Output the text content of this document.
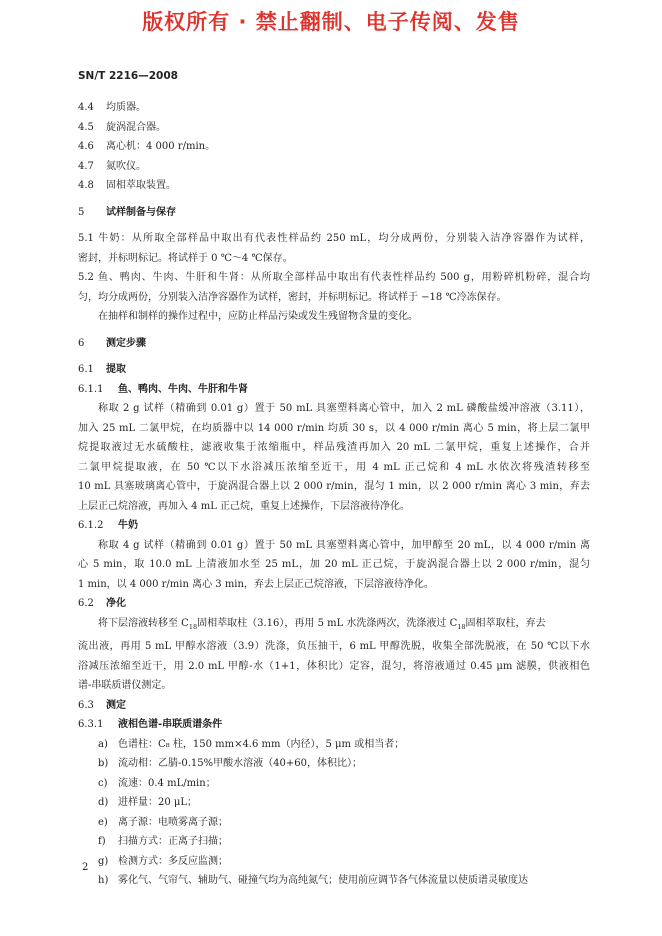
版权所有 · 禁止翻制、电子传阅、发售
SN/T 2216—2008
4.4 均质器。
4.5 旋涡混合器。
4.6 离心机：4 000 r/min。
4.7 氮吹仪。
4.8 固相萃取装置。
5 试样制备与保存
5.1 牛奶：从所取全部样品中取出有代表性样品约 250 mL，均分成两份，分别装入洁净容器作为试样，
密封，并标明标记。将试样于 0 ℃～4 ℃保存。
5.2 鱼、鸭肉、牛肉、牛肝和牛肾：从所取全部样品中取出有代表性样品约 500 g，用粉碎机粉碎，混合均
匀，均分成两份，分别装入洁净容器作为试样，密封，并标明标记。将试样于 −18 ℃冷冻保存。
在抽样和制样的操作过程中，应防止样品污染或发生残留物含量的变化。
6 测定步骤
6.1 提取
6.1.1 鱼、鸭肉、牛肉、牛肝和牛肾
称取 2 g 试样（精确到 0.01 g）置于 50 mL 具塞塑料离心管中，加入 2 mL 磷酸盐缓冲溶液（3.11），
加入 25 mL 二氯甲烷，在均质器中以 14 000 r/min 均质 30 s，以 4 000 r/min 离心 5 min，将上层二氯甲
烷提取液过无水硫酸柱，滤液收集于浓缩瓶中，样品残渣再加入 20 mL 二氯甲烷，重复上述操作，合并
二氯甲烷提取液，在 50 ℃以下水浴减压浓缩至近干，用 4 mL 正己烷和 4 mL 水依次将残渣转移至
10 mL 具塞玻璃离心管中，于旋涡混合器上以 2 000 r/min，混匀 1 min，以 2 000 r/min 离心 3 min，弃去
上层正己烷溶液，再加入 4 mL 正己烷，重复上述操作，下层溶液待净化。
6.1.2 牛奶
称取 4 g 试样（精确到 0.01 g）置于 50 mL 具塞塑料离心管中，加甲醇至 20 mL，以 4 000 r/min 离
心 5 min，取 10.0 mL 上清液加水至 25 mL，加 20 mL 正己烷，于旋涡混合器上以 2 000 r/min，混匀
1 min，以 4 000 r/min 离心 3 min，弃去上层正己烷溶液，下层溶液待净化。
6.2 净化
将下层溶液转移至 $C_{18}$固相萃取柱（3.16），再用 5 mL 水洗涤两次，洗涤液过 $C_{18}$固相萃取柱，弃去
流出液，再用 5 mL 甲醇水溶液（3.9）洗涤，负压抽干，6 mL 甲醇洗脱，收集全部洗脱液，在 50 ℃以下水
浴减压浓缩至近干，用 2.0 mL 甲醇-水（1+1，体积比）定容，混匀，将溶液通过 0.45 μm 滤膜，供液相色
谱-串联质谱仪测定。
6.3 测定
6.3.1 液相色谱-串联质谱条件
a) 色谱柱：C₈ 柱，150 mm×4.6 mm（内径），5 μm 或相当者；
b) 流动相：乙腈-0.15%甲酸水溶液（40+60，体积比）；
c) 流速：0.4 mL/min；
d) 进样量：20 μL；
e) 离子源：电喷雾离子源；
f) 扫描方式：正离子扫描；
g) 检测方式：多反应监测；
h) 雾化气、气帘气、辅助气、碰撞气均为高纯氮气；使用前应调节各气体流量以使质谱灵敏度达
2
